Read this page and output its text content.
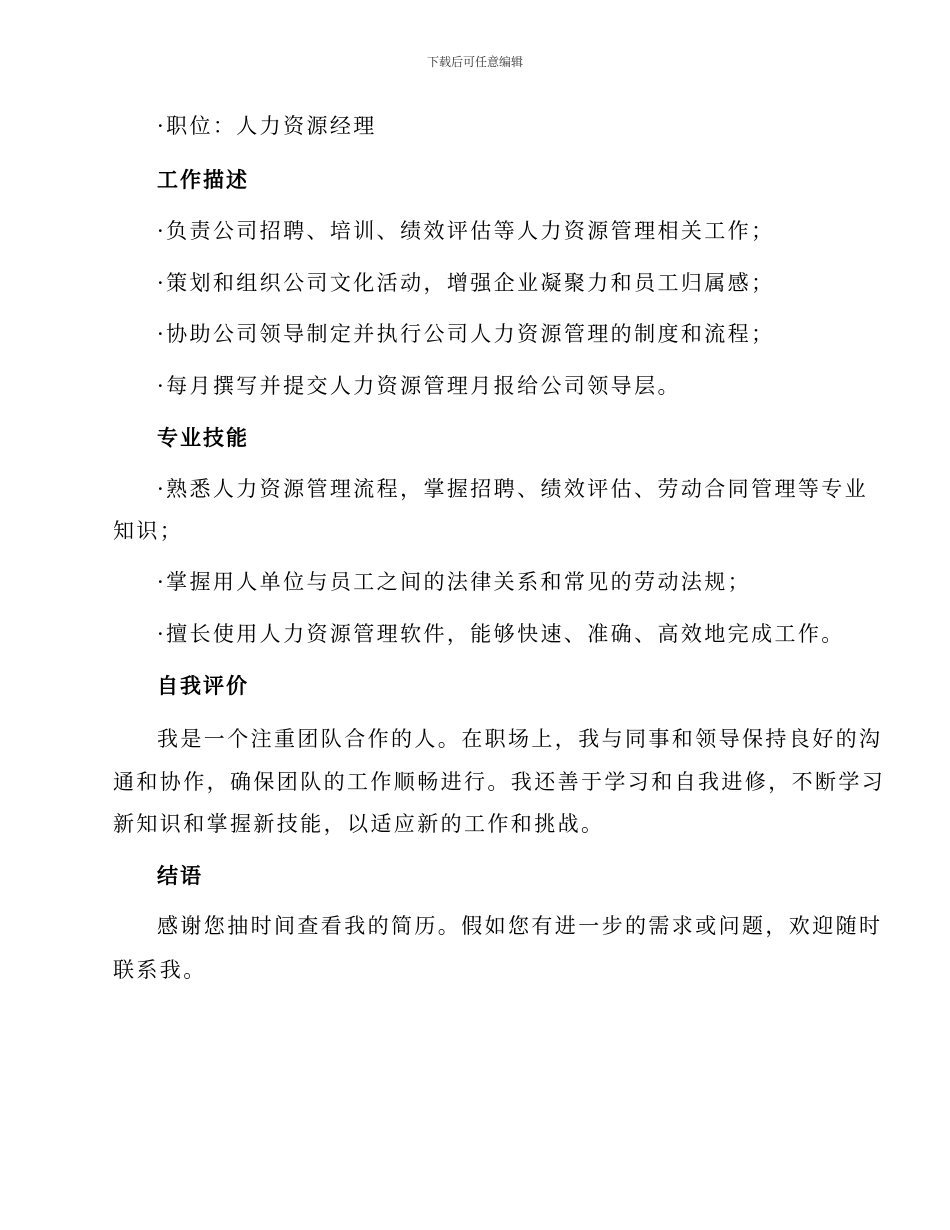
下载后可任意编辑
·职位：人力资源经理
工作描述
·负责公司招聘、培训、绩效评估等人力资源管理相关工作；
·策划和组织公司文化活动，增强企业凝聚力和员工归属感；
·协助公司领导制定并执行公司人力资源管理的制度和流程；
·每月撰写并提交人力资源管理月报给公司领导层。
专业技能
·熟悉人力资源管理流程，掌握招聘、绩效评估、劳动合同管理等专业
知识；
·掌握用人单位与员工之间的法律关系和常见的劳动法规；
·擅长使用人力资源管理软件，能够快速、准确、高效地完成工作。
自我评价
我是一个注重团队合作的人。在职场上，我与同事和领导保持良好的沟
通和协作，确保团队的工作顺畅进行。我还善于学习和自我进修，不断学习
新知识和掌握新技能，以适应新的工作和挑战。
结语
感谢您抽时间查看我的简历。假如您有进一步的需求或问题，欢迎随时
联系我。
